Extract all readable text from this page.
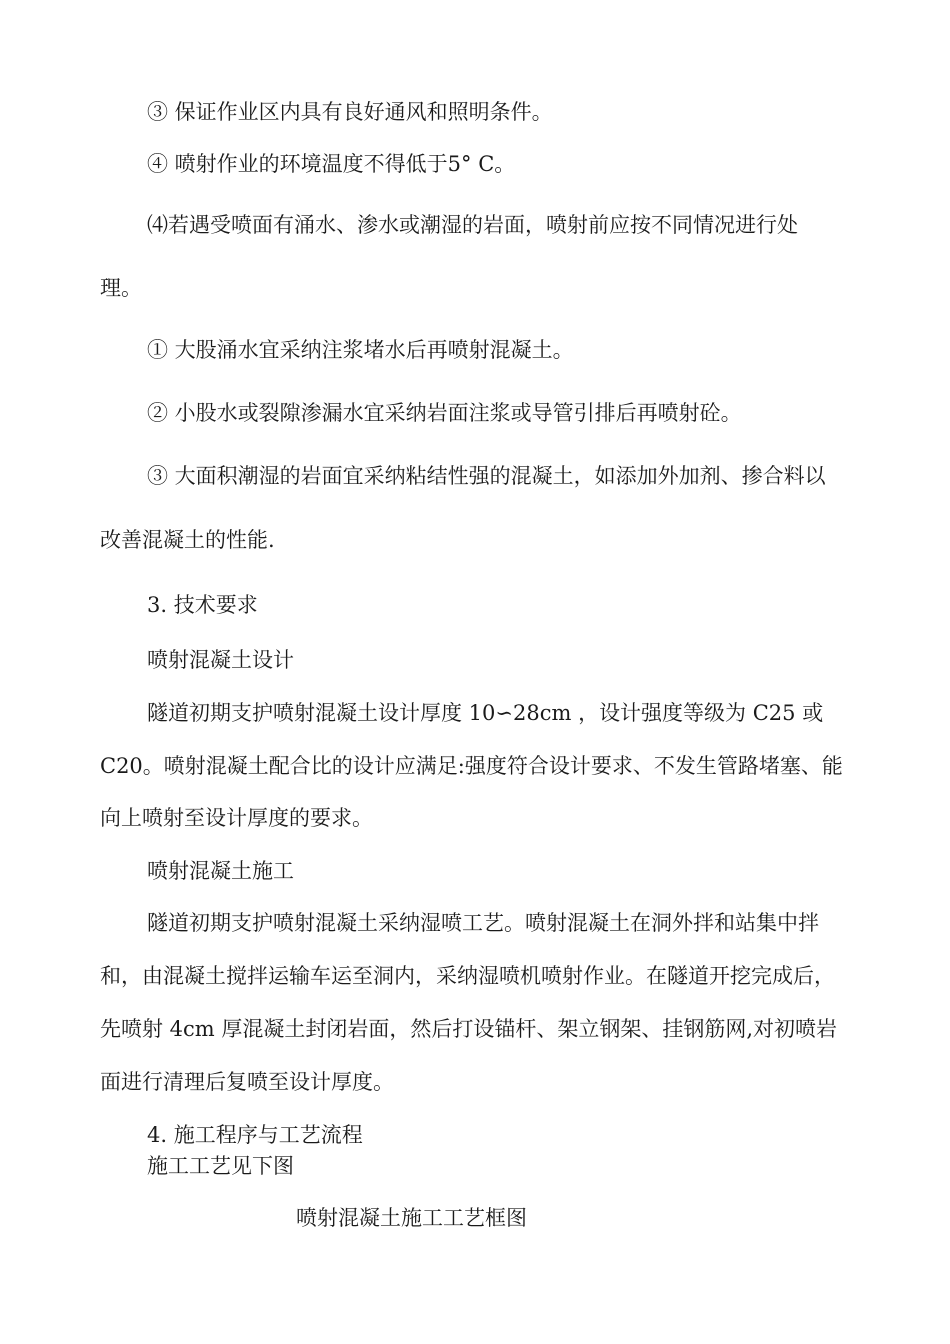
③ 保证作业区内具有良好通风和照明条件。
④ 喷射作业的环境温度不得低于5° C。
⑷若遇受喷面有涌水、渗水或潮湿的岩面，喷射前应按不同情况进行处
理。
① 大股涌水宜采纳注浆堵水后再喷射混凝土。
② 小股水或裂隙渗漏水宜采纳岩面注浆或导管引排后再喷射砼。
③ 大面积潮湿的岩面宜采纳粘结性强的混凝土，如添加外加剂、掺合料以
改善混凝土的性能.
3. 技术要求
喷射混凝土设计
隧道初期支护喷射混凝土设计厚度 10∽28cm ，设计强度等级为 C25 或
C20。喷射混凝土配合比的设计应满足:强度符合设计要求、不发生管路堵塞、能
向上喷射至设计厚度的要求。
喷射混凝土施工
隧道初期支护喷射混凝土采纳湿喷工艺。喷射混凝土在洞外拌和站集中拌
和，由混凝土搅拌运输车运至洞内，采纳湿喷机喷射作业。在隧道开挖完成后，
先喷射 4cm 厚混凝土封闭岩面，然后打设锚杆、架立钢架、挂钢筋网,对初喷岩
面进行清理后复喷至设计厚度。
4. 施工程序与工艺流程
施工工艺见下图
喷射混凝土施工工艺框图
